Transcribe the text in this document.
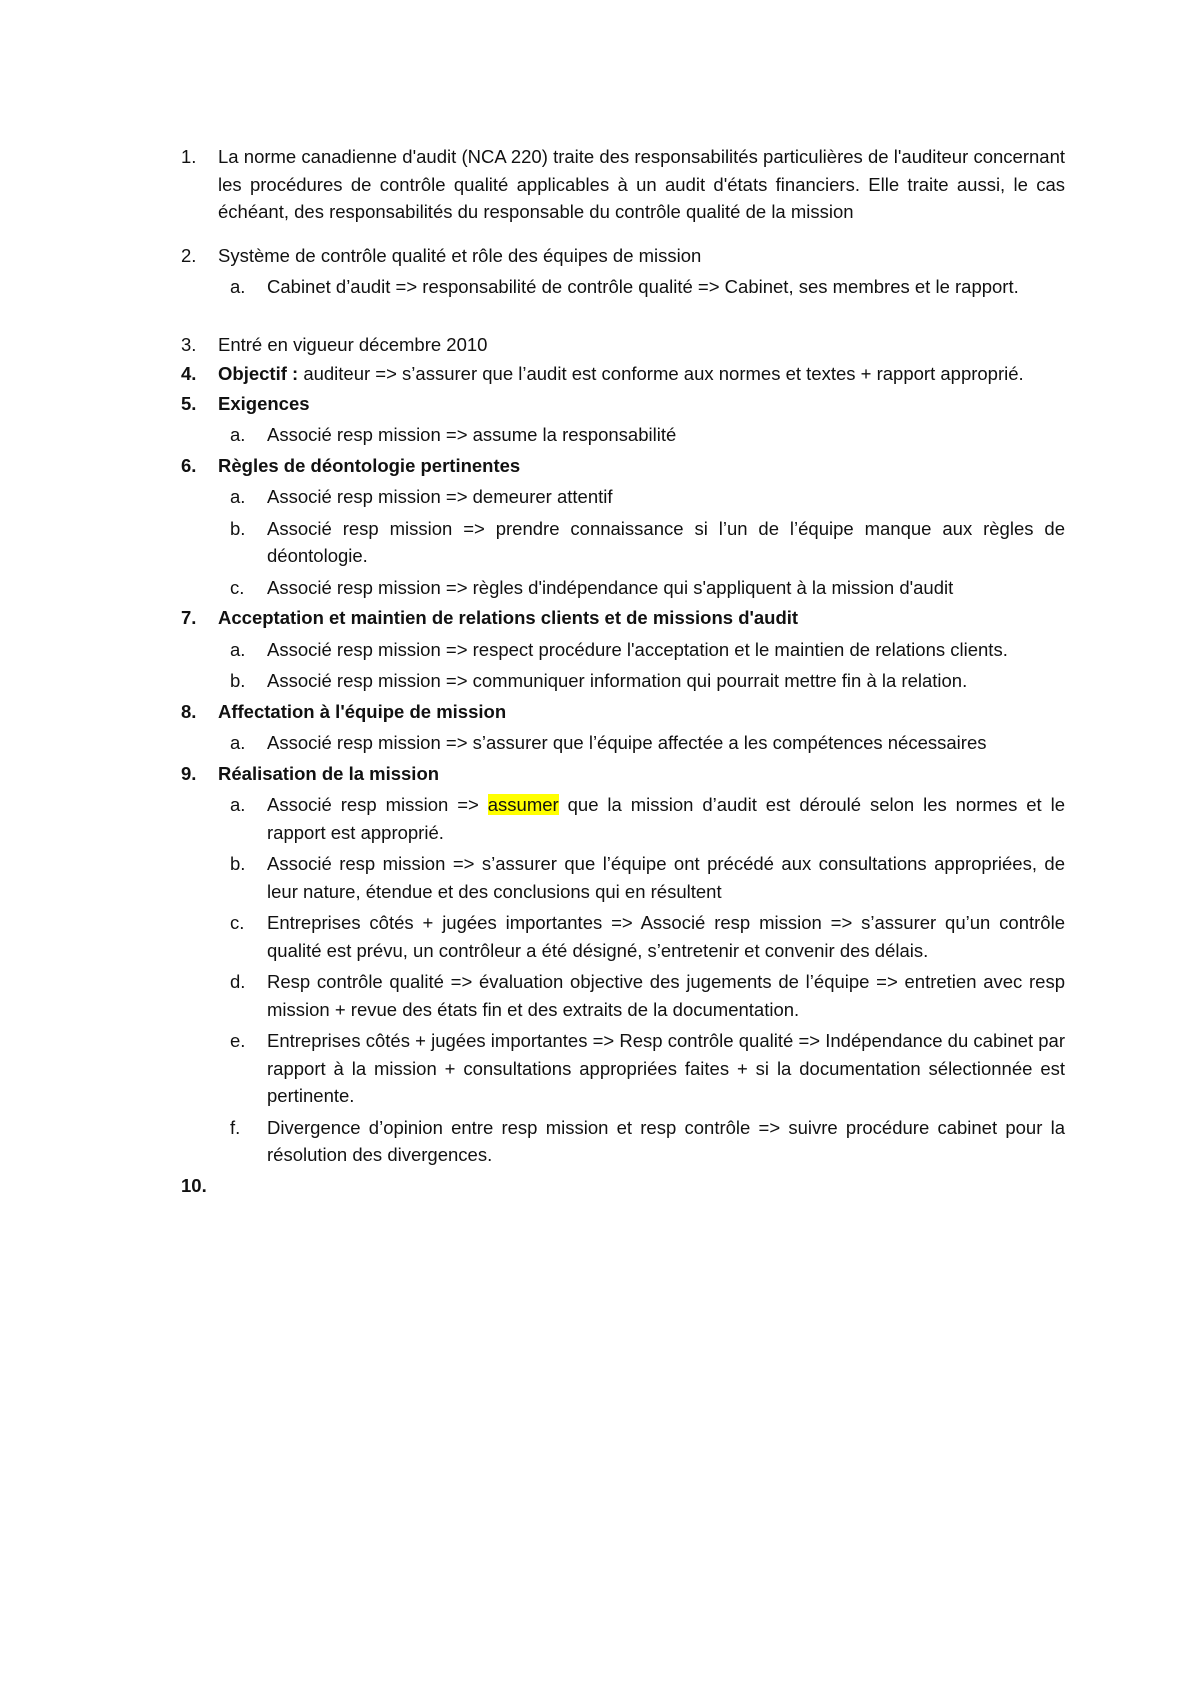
1.	La norme canadienne d'audit (NCA 220) traite des responsabilités particulières de l'auditeur concernant les procédures de contrôle qualité applicables à un audit d'états financiers. Elle traite aussi, le cas échéant, des responsabilités du responsable du contrôle qualité de la mission
2.	Système de contrôle qualité et rôle des équipes de mission
a.	Cabinet d’audit => responsabilité de contrôle qualité => Cabinet, ses membres et le rapport.
3.	Entré en vigueur décembre 2010
4.	Objectif : auditeur => s’assurer que l’audit est conforme aux normes et textes + rapport approprié.
5.	Exigences
a.	Associé resp mission => assume la responsabilité
6.	Règles de déontologie pertinentes
a.	Associé resp mission => demeurer attentif
b.	Associé resp mission => prendre connaissance si l’un de l’équipe manque aux règles de déontologie.
c.	Associé resp mission => règles d'indépendance qui s'appliquent à la mission d'audit
7.	Acceptation et maintien de relations clients et de missions d'audit
a.	Associé resp mission => respect procédure l'acceptation et le maintien de relations clients.
b.	Associé resp mission => communiquer information qui pourrait mettre fin à la relation.
8.	Affectation à l'équipe de mission
a.	Associé resp mission => s’assurer que l’équipe affectée a les compétences nécessaires
9.	Réalisation de la mission
a.	Associé resp mission => assumer que la mission d’audit est déroulé selon les normes et le rapport est approprié.
b.	Associé resp mission => s’assurer que l’équipe ont précédé aux consultations appropriées, de leur nature, étendue et des conclusions qui en résultent
c.	Entreprises côtés + jugées importantes => Associé resp mission => s’assurer qu’un contrôle qualité est prévu, un contrôleur a été désigné, s’entretenir et convenir des délais.
d.	Resp contrôle qualité => évaluation objective des jugements de l’équipe => entretien avec resp mission + revue des états fin et des extraits de la documentation.
e.	Entreprises côtés + jugées importantes => Resp contrôle qualité => Indépendance du cabinet par rapport à la mission + consultations appropriées faites + si la documentation sélectionnée est pertinente.
f.	Divergence d’opinion entre resp mission et resp contrôle => suivre procédure cabinet pour la résolution des divergences.
10.
